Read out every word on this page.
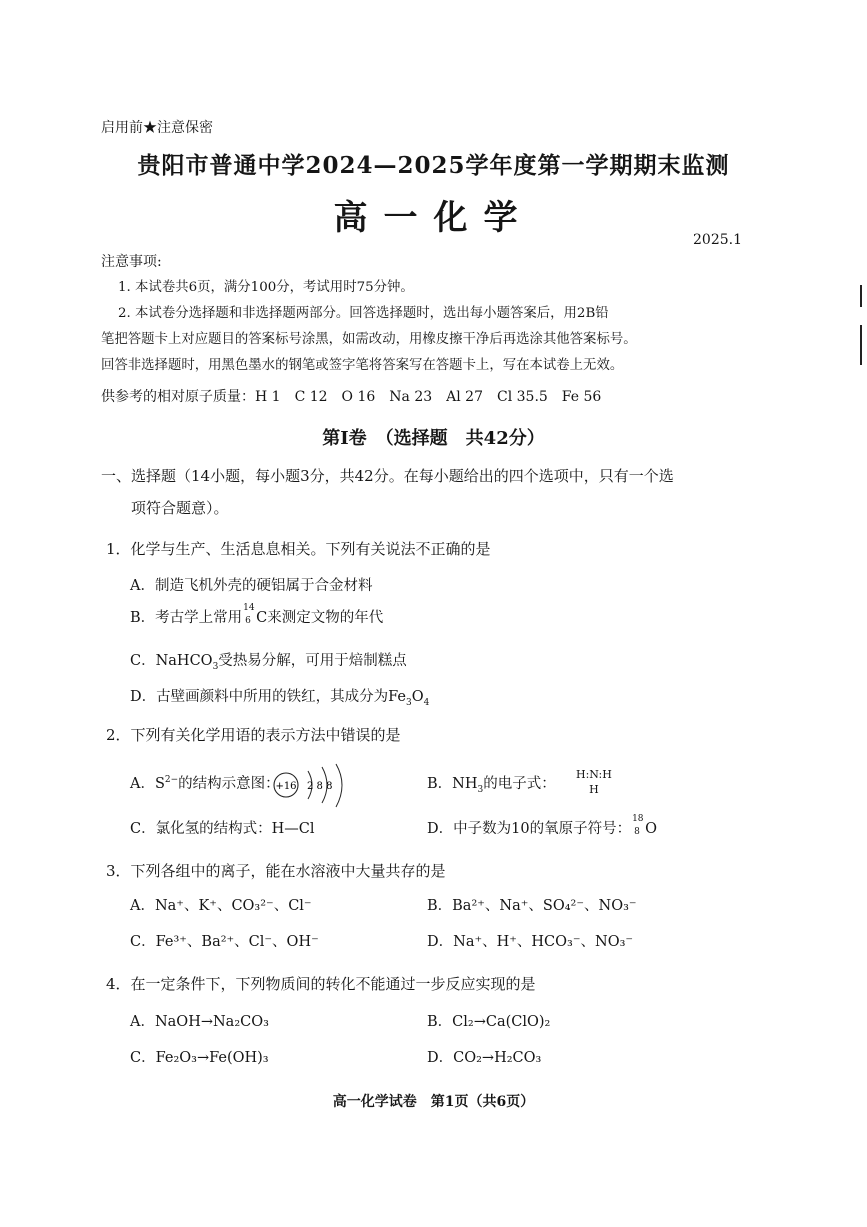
启用前★注意保密
贵阳市普通中学2024—2025学年度第一学期期末监测
高一化学
2025.1
注意事项:
1. 本试卷共6页，满分100分，考试用时75分钟。
2. 本试卷分选择题和非选择题两部分。回答选择题时，选出每小题答案后，用2B铅
笔把答题卡上对应题目的答案标号涂黑，如需改动，用橡皮擦干净后再选涂其他答案标号。
回答非选择题时，用黑色墨水的钢笔或签字笔将答案写在答题卡上，写在本试卷上无效。
供参考的相对原子质量：H 1　C 12　O 16　Na 23　Al 27　Cl 35.5　Fe 56
第Ⅰ卷　（选择题　共42分）
一、选择题（14小题，每小题3分，共42分。在每小题给出的四个选项中，只有一个选
项符合题意）。
1．化学与生产、生活息息相关。下列有关说法不正确的是
A．制造飞机外壳的硬铝属于合金材料
B．考古学上常用
14
6 C来测定文物的年代
C．NaHCO$_3$受热易分解，可用于焙制糕点
D．古壁画颜料中所用的铁红，其成分为$Fe_3O_4$
2．下列有关化学用语的表示方法中错误的是
A．$S^{2-}$的结构示意图：
+16 2 8 8	B．$NH_3$的电子式：
H:N:H
H
C．氯化氢的结构式：H—Cl	D．中子数为10的氧原子符号：
18
8 O
3．下列各组中的离子，能在水溶液中大量共存的是
A．Na⁺、K⁺、CO₃²⁻、Cl⁻	B．Ba²⁺、Na⁺、SO₄²⁻、NO₃⁻
C．Fe³⁺、Ba²⁺、Cl⁻、OH⁻	D．Na⁺、H⁺、HCO₃⁻、NO₃⁻
4．在一定条件下，下列物质间的转化不能通过一步反应实现的是
A．NaOH→Na₂CO₃	B．Cl₂→Ca(ClO)₂
C．Fe₂O₃→Fe(OH)₃	D．CO₂→H₂CO₃
高一化学试卷　第1页（共6页）
